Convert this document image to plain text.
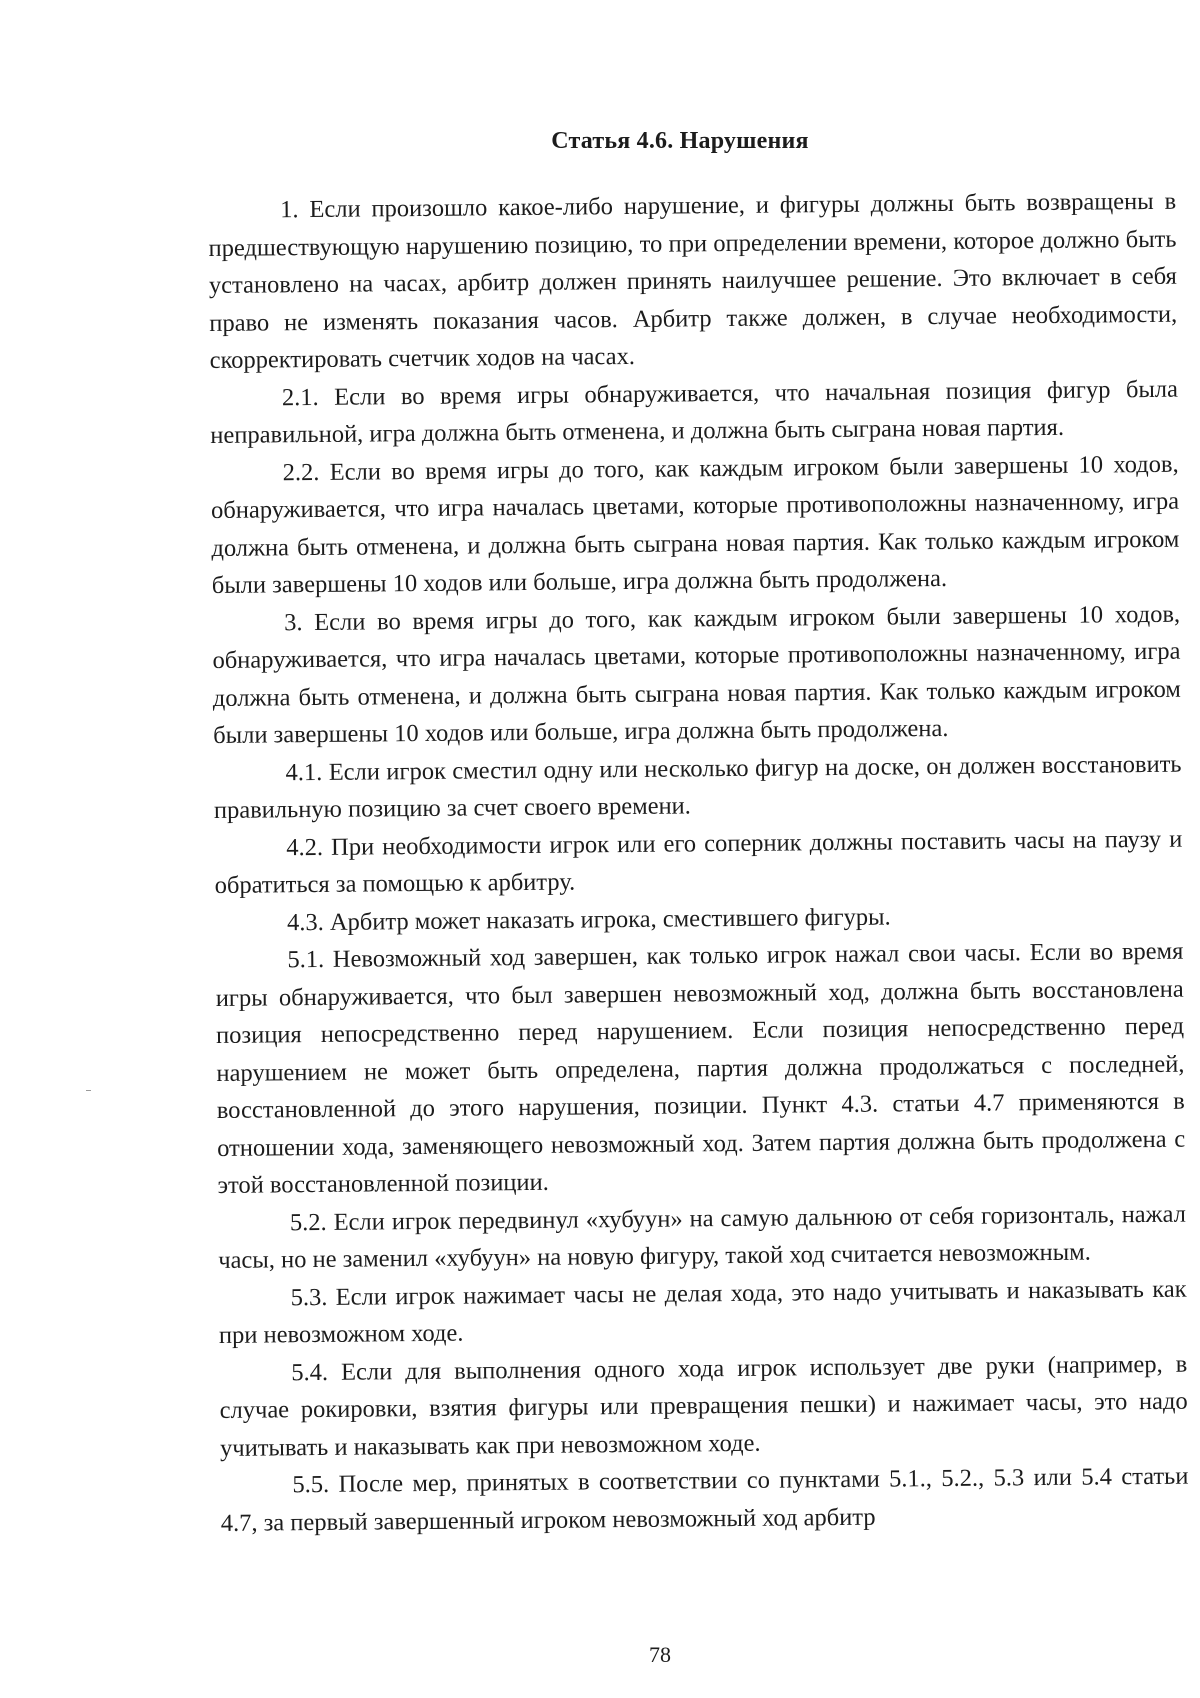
Статья 4.6. Нарушения

1. Если произошло какое-либо нарушение, и фигуры должны быть возвращены в предшествующую нарушению позицию, то при определении времени, которое должно быть установлено на часах, арбитр должен принять наилучшее решение. Это включает в себя право не изменять показания часов. Арбитр также должен, в случае необходимости, скорректировать счетчик ходов на часах.

2.1. Если во время игры обнаруживается, что начальная позиция фигур была неправильной, игра должна быть отменена, и должна быть сыграна новая партия.

2.2. Если во время игры до того, как каждым игроком были завершены 10 ходов, обнаруживается, что игра началась цветами, которые противоположны назначенному, игра должна быть отменена, и должна быть сыграна новая партия. Как только каждым игроком были завершены 10 ходов или больше, игра должна быть продолжена.

3. Если во время игры до того, как каждым игроком были завершены 10 ходов, обнаруживается, что игра началась цветами, которые противоположны назначенному, игра должна быть отменена, и должна быть сыграна новая партия. Как только каждым игроком были завершены 10 ходов или больше, игра должна быть продолжена.

4.1. Если игрок сместил одну или несколько фигур на доске, он должен восстановить правильную позицию за счет своего времени.

4.2. При необходимости игрок или его соперник должны поставить часы на паузу и обратиться за помощью к арбитру.

4.3. Арбитр может наказать игрока, сместившего фигуры.

5.1. Невозможный ход завершен, как только игрок нажал свои часы. Если во время игры обнаруживается, что был завершен невозможный ход, должна быть восстановлена позиция непосредственно перед нарушением. Если позиция непосредственно перед нарушением не может быть определена, партия должна продолжаться с последней, восстановленной до этого нарушения, позиции. Пункт 4.3. статьи 4.7 применяются в отношении хода, заменяющего невозможный ход. Затем партия должна быть продолжена с этой восстановленной позиции.

5.2. Если игрок передвинул «хубуун» на самую дальнюю от себя горизонталь, нажал часы, но не заменил «хубуун» на новую фигуру, такой ход считается невозможным.

5.3. Если игрок нажимает часы не делая хода, это надо учитывать и наказывать как при невозможном ходе.

5.4. Если для выполнения одного хода игрок использует две руки (например, в случае рокировки, взятия фигуры или превращения пешки) и нажимает часы, это надо учитывать и наказывать как при невозможном ходе.

5.5. После мер, принятых в соответствии со пунктами 5.1., 5.2., 5.3 или 5.4 статьи 4.7, за первый завершенный игроком невозможный ход арбитр

78
